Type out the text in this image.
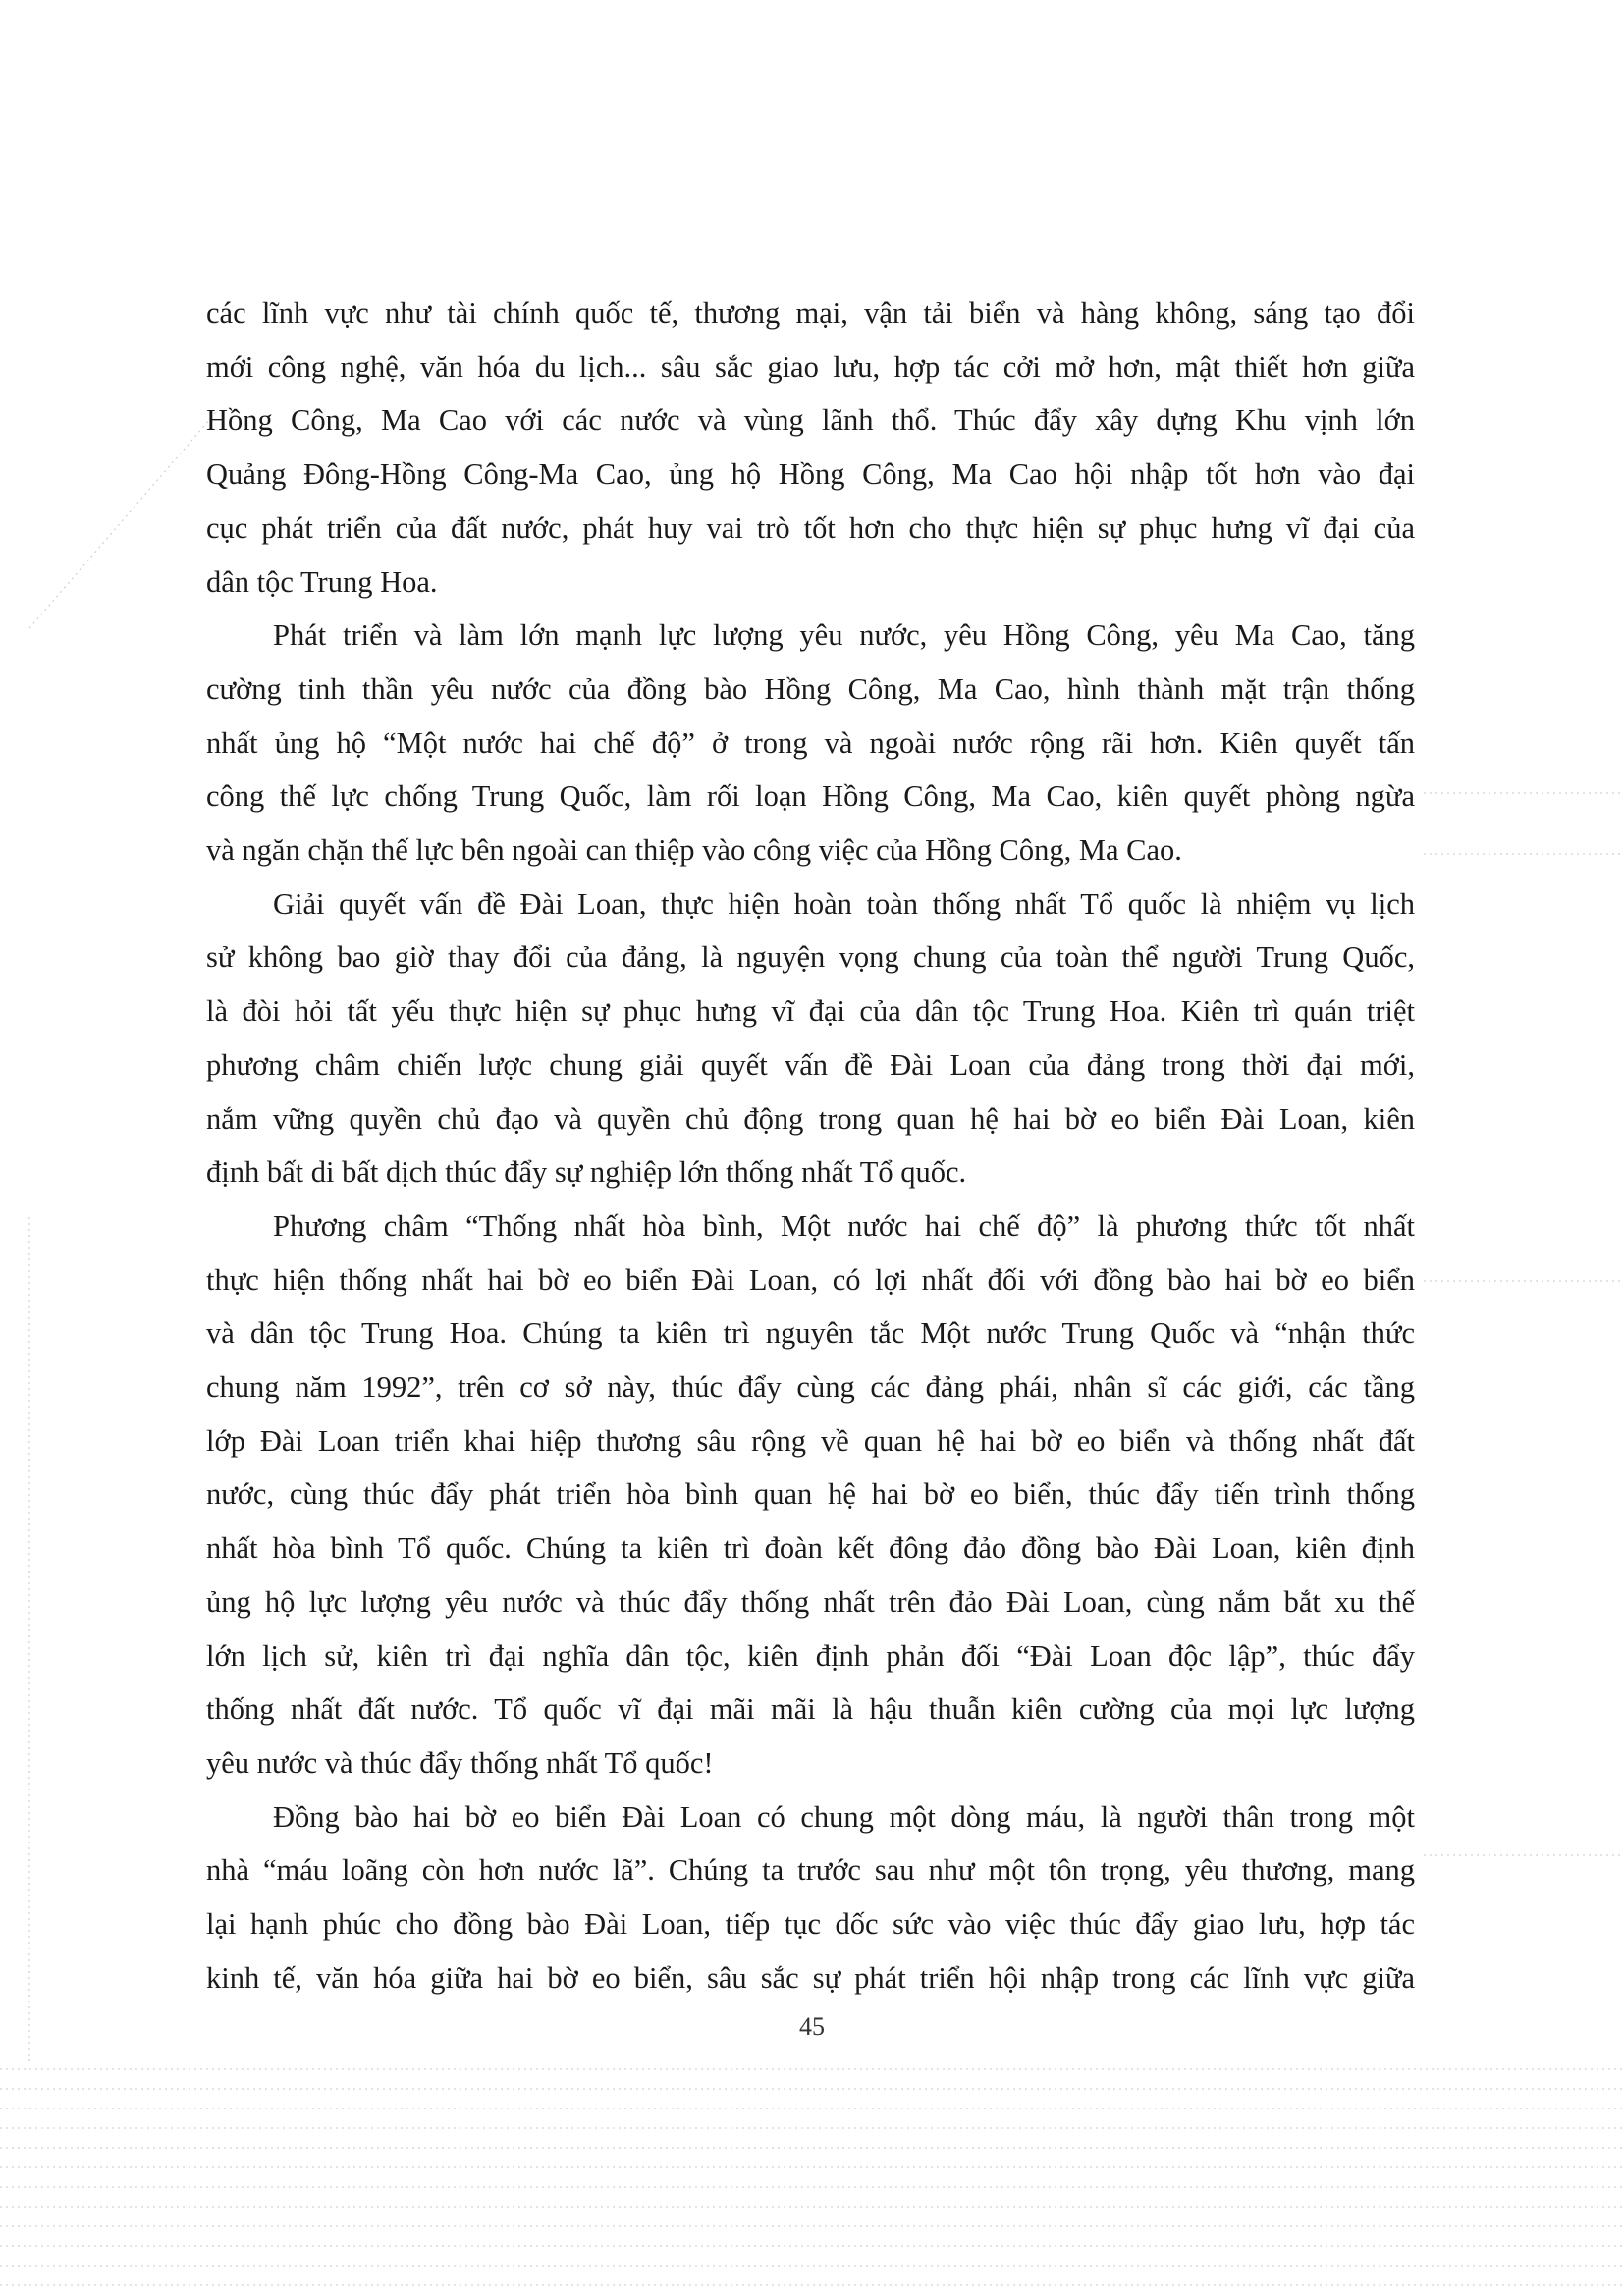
các lĩnh vực như tài chính quốc tế, thương mại, vận tải biển và hàng không, sáng tạo đổi
mới công nghệ, văn hóa du lịch... sâu sắc giao lưu, hợp tác cởi mở hơn, mật thiết hơn giữa
Hồng Công, Ma Cao với các nước và vùng lãnh thổ. Thúc đẩy xây dựng Khu vịnh lớn
Quảng Đông-Hồng Công-Ma Cao, ủng hộ Hồng Công, Ma Cao hội nhập tốt hơn vào đại
cục phát triển của đất nước, phát huy vai trò tốt hơn cho thực hiện sự phục hưng vĩ đại của
dân tộc Trung Hoa.

Phát triển và làm lớn mạnh lực lượng yêu nước, yêu Hồng Công, yêu Ma Cao, tăng
cường tinh thần yêu nước của đồng bào Hồng Công, Ma Cao, hình thành mặt trận thống
nhất ủng hộ “Một nước hai chế độ” ở trong và ngoài nước rộng rãi hơn. Kiên quyết tấn
công thế lực chống Trung Quốc, làm rối loạn Hồng Công, Ma Cao, kiên quyết phòng ngừa
và ngăn chặn thế lực bên ngoài can thiệp vào công việc của Hồng Công, Ma Cao.

Giải quyết vấn đề Đài Loan, thực hiện hoàn toàn thống nhất Tổ quốc là nhiệm vụ lịch
sử không bao giờ thay đổi của đảng, là nguyện vọng chung của toàn thể người Trung Quốc,
là đòi hỏi tất yếu thực hiện sự phục hưng vĩ đại của dân tộc Trung Hoa. Kiên trì quán triệt
phương châm chiến lược chung giải quyết vấn đề Đài Loan của đảng trong thời đại mới,
nắm vững quyền chủ đạo và quyền chủ động trong quan hệ hai bờ eo biển Đài Loan, kiên
định bất di bất dịch thúc đẩy sự nghiệp lớn thống nhất Tổ quốc.

Phương châm “Thống nhất hòa bình, Một nước hai chế độ” là phương thức tốt nhất
thực hiện thống nhất hai bờ eo biển Đài Loan, có lợi nhất đối với đồng bào hai bờ eo biển
và dân tộc Trung Hoa. Chúng ta kiên trì nguyên tắc Một nước Trung Quốc và “nhận thức
chung năm 1992”, trên cơ sở này, thúc đẩy cùng các đảng phái, nhân sĩ các giới, các tầng
lớp Đài Loan triển khai hiệp thương sâu rộng về quan hệ hai bờ eo biển và thống nhất đất
nước, cùng thúc đẩy phát triển hòa bình quan hệ hai bờ eo biển, thúc đẩy tiến trình thống
nhất hòa bình Tổ quốc. Chúng ta kiên trì đoàn kết đông đảo đồng bào Đài Loan, kiên định
ủng hộ lực lượng yêu nước và thúc đẩy thống nhất trên đảo Đài Loan, cùng nắm bắt xu thế
lớn lịch sử, kiên trì đại nghĩa dân tộc, kiên định phản đối “Đài Loan độc lập”, thúc đẩy
thống nhất đất nước. Tổ quốc vĩ đại mãi mãi là hậu thuẫn kiên cường của mọi lực lượng
yêu nước và thúc đẩy thống nhất Tổ quốc!

Đồng bào hai bờ eo biển Đài Loan có chung một dòng máu, là người thân trong một
nhà “máu loãng còn hơn nước lã”. Chúng ta trước sau như một tôn trọng, yêu thương, mang
lại hạnh phúc cho đồng bào Đài Loan, tiếp tục dốc sức vào việc thúc đẩy giao lưu, hợp tác
kinh tế, văn hóa giữa hai bờ eo biển, sâu sắc sự phát triển hội nhập trong các lĩnh vực giữa

45
